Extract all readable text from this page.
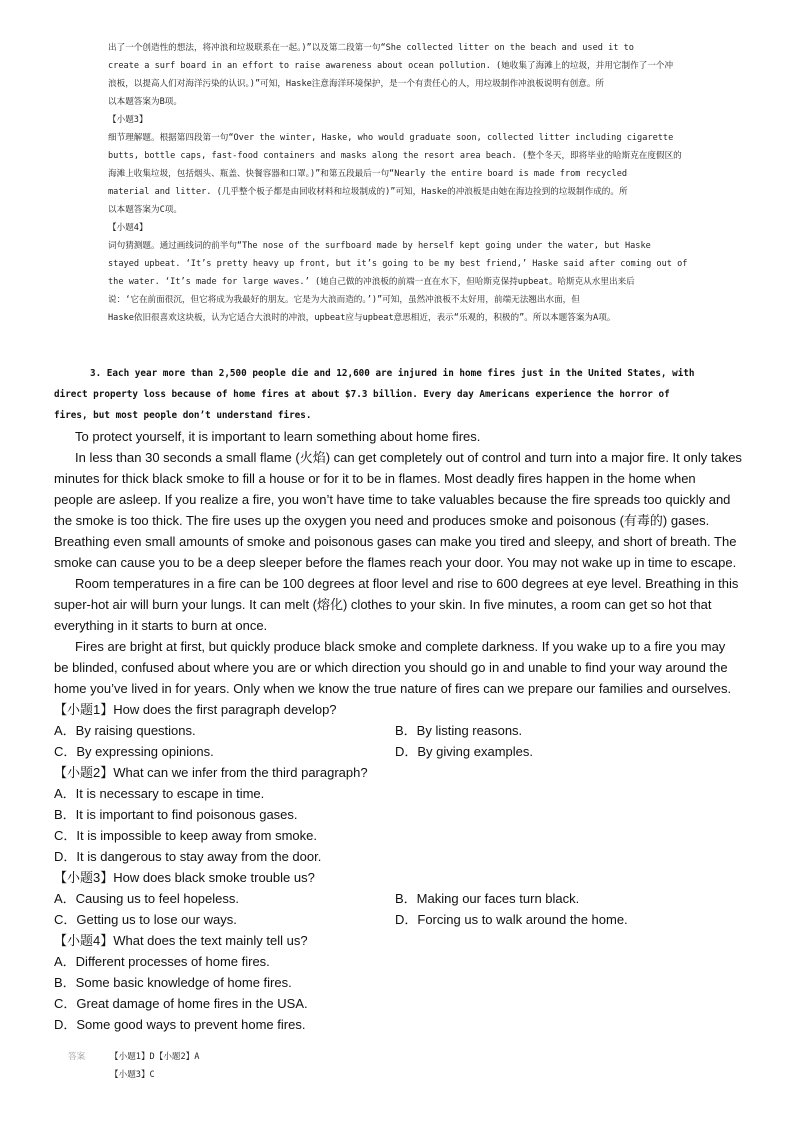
出了一个创造性的想法，将冲浪和垃圾联系在一起。)”以及第二段第一句“She collected litter on the beach and used it to

create a surf board in an effort to raise awareness about ocean pollution. (她收集了海滩上的垃圾，并用它制作了一个冲

浪板，以提高人们对海洋污染的认识。)”可知，Haske注意海洋环境保护，是一个有责任心的人，用垃圾制作冲浪板说明有创意。所

以本题答案为B项。

【小题3】

细节理解题。根据第四段第一句“Over the winter, Haske, who would graduate soon, collected litter including cigarette

butts, bottle caps, fast-food containers and masks along the resort area beach. (整个冬天，即将毕业的哈斯克在度假区的

海滩上收集垃圾，包括烟头、瓶盖、快餐容器和口罩。)”和第五段最后一句“Nearly the entire board is made from recycled

material and litter. (几乎整个板子都是由回收材料和垃圾制成的)”可知，Haske的冲浪板是由她在海边捡到的垃圾制作成的。所

以本题答案为C项。

【小题4】

词句猜测题。通过画线词的前半句“The nose of the surfboard made by herself kept going under the water, but Haske

stayed upbeat. ‘It’s pretty heavy up front, but it’s going to be my best friend,’ Haske said after coming out of

the water. ‘It’s made for large waves.’ (她自己做的冲浪板的前端一直在水下，但哈斯克保持upbeat。哈斯克从水里出来后

说：‘它在前面很沉，但它将成为我最好的朋友。它是为大浪而造的。’)”可知，虽然冲浪板不太好用，前端无法翘出水面，但

Haske依旧很喜欢这块板，认为它适合大浪时的冲浪，upbeat应与upbeat意思相近，表示“乐观的，积极的”。所以本题答案为A项。

3. Each year more than 2,500 people die and 12,600 are injured in home fires just in the United States, with

direct property loss because of home fires at about $7.3 billion. Every day Americans experience the horror of

fires, but most people don’t understand fires.

To protect yourself, it is important to learn something about home fires.

In less than 30 seconds a small flame (火焰) can get completely out of control and turn into a major fire. It only takes

minutes for thick black smoke to fill a house or for it to be in flames. Most deadly fires happen in the home when

people are asleep. If you realize a fire, you won’t have time to take valuables because the fire spreads too quickly and

the smoke is too thick. The fire uses up the oxygen you need and produces smoke and poisonous (有毒的) gases.

Breathing even small amounts of smoke and poisonous gases can make you tired and sleepy, and short of breath. The

smoke can cause you to be a deep sleeper before the flames reach your door. You may not wake up in time to escape.

Room temperatures in a fire can be 100 degrees at floor level and rise to 600 degrees at eye level. Breathing in this

super-hot air will burn your lungs. It can melt (熔化) clothes to your skin. In five minutes, a room can get so hot that

everything in it starts to burn at once.

Fires are bright at first, but quickly produce black smoke and complete darkness. If you wake up to a fire you may

be blinded, confused about where you are or which direction you should go in and unable to find your way around the

home you’ve lived in for years. Only when we know the true nature of fires can we prepare our families and ourselves.

【小题1】How does the first paragraph develop?
A．By raising questions.	B．By listing reasons.
C．By expressing opinions.	D．By giving examples.
【小题2】What can we infer from the third paragraph?
A．It is necessary to escape in time.
B．It is important to find poisonous gases.
C．It is impossible to keep away from smoke.
D．It is dangerous to stay away from the door.
【小题3】How does black smoke trouble us?
A．Causing us to feel hopeless.	B．Making our faces turn black.
C．Getting us to lose our ways.	D．Forcing us to walk around the home.
【小题4】What does the text mainly tell us?
A．Different processes of home fires.
B．Some basic knowledge of home fires.
C．Great damage of home fires in the USA.
D．Some good ways to prevent home fires.
答案	【小题1】D【小题2】A
【小题3】C
